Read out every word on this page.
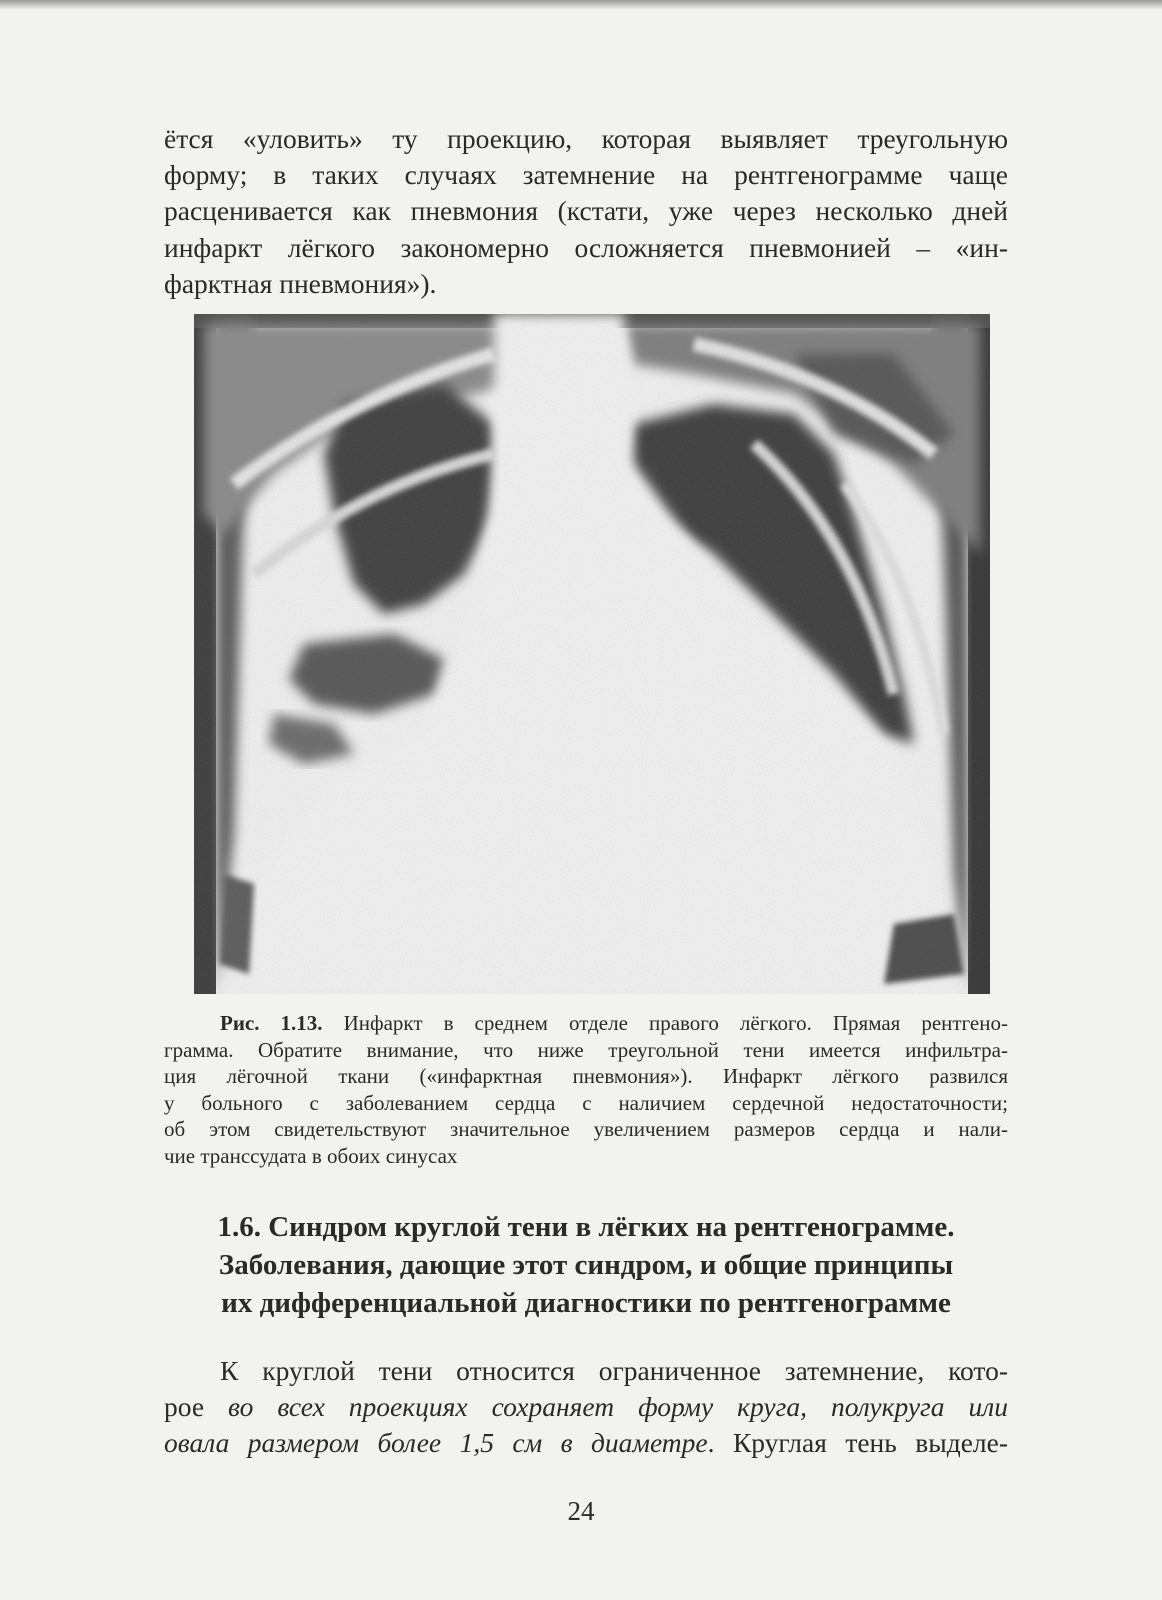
ётся «уловить» ту проекцию, которая выявляет треугольную
форму; в таких случаях затемнение на рентгенограмме чаще
расценивается как пневмония (кстати, уже через несколько дней
инфаркт лёгкого закономерно осложняется пневмонией – «ин-
фарктная пневмония»).

Рис. 1.13. Инфаркт в среднем отделе правого лёгкого. Прямая рентгено-
грамма. Обратите внимание, что ниже треугольной тени имеется инфильтра-
ция лёгочной ткани («инфарктная пневмония»). Инфаркт лёгкого развился
у больного с заболеванием сердца с наличием сердечной недостаточности;
об этом свидетельствуют значительное увеличением размеров сердца и нали-
чие транссудата в обоих синусах

1.6. Синдром круглой тени в лёгких на рентгенограмме.
Заболевания, дающие этот синдром, и общие принципы
их дифференциальной диагностики по рентгенограмме

К круглой тени относится ограниченное затемнение, кото-
рое во всех проекциях сохраняет форму круга, полукруга или
овала размером более 1,5 см в диаметре. Круглая тень выделе-

24
